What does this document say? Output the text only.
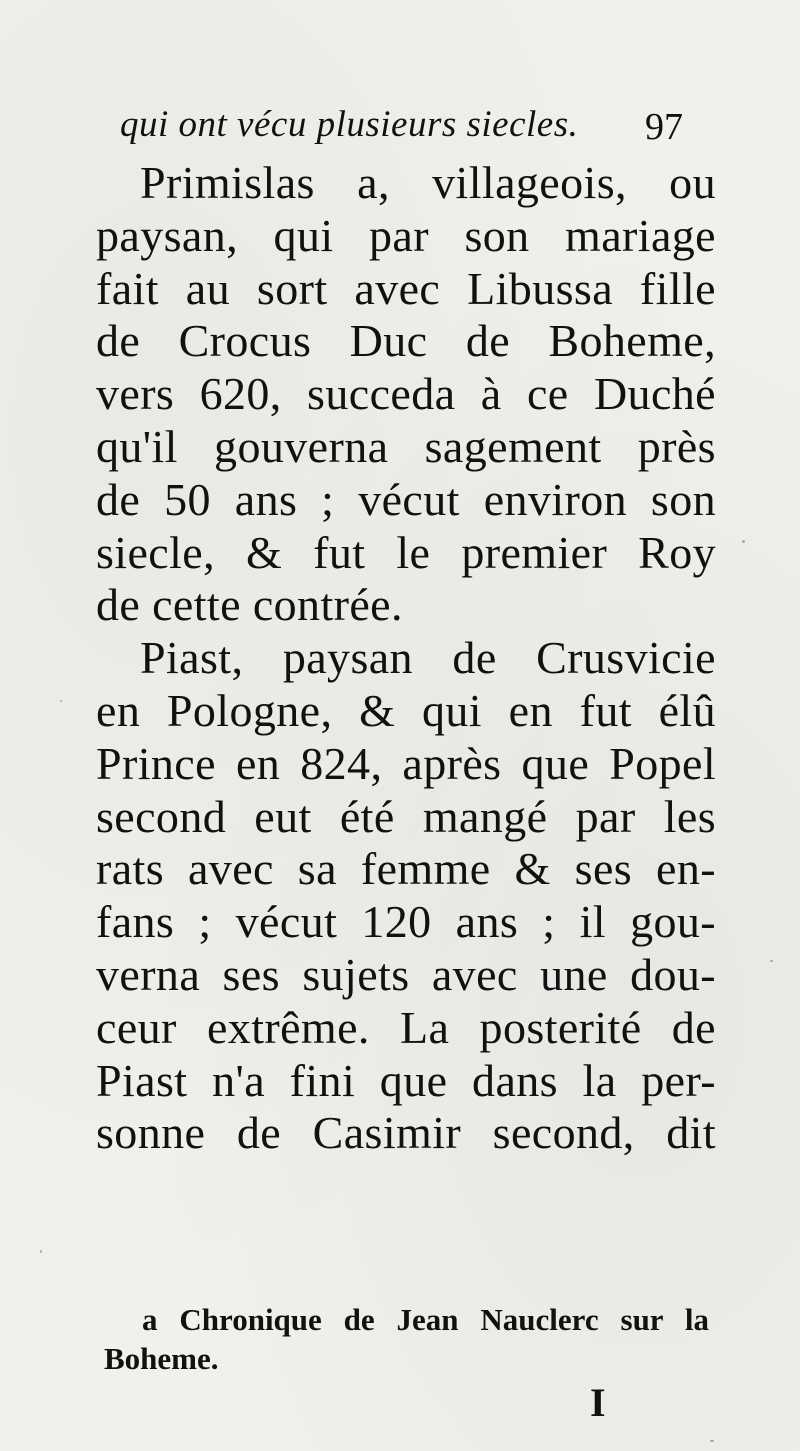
qui ont vécu plusieurs siecles. 97
Primislas a, villageois, ou
paysan, qui par son mariage
fait au sort avec Libussa fille
de Crocus Duc de Boheme,
vers 620, succeda à ce Duché
qu'il gouverna sagement près
de 50 ans ; vécut environ son
siecle, & fut le premier Roy
de cette contrée.
Piast, paysan de Crusvicie
en Pologne, & qui en fut élû
Prince en 824, après que Popel
second eut été mangé par les
rats avec sa femme & ses en-
fans ; vécut 120 ans ; il gou-
verna ses sujets avec une dou-
ceur extrême. La posterité de
Piast n'a fini que dans la per-
sonne de Casimir second, dit
a Chronique de Jean Nauclerc sur la
Boheme.
I
